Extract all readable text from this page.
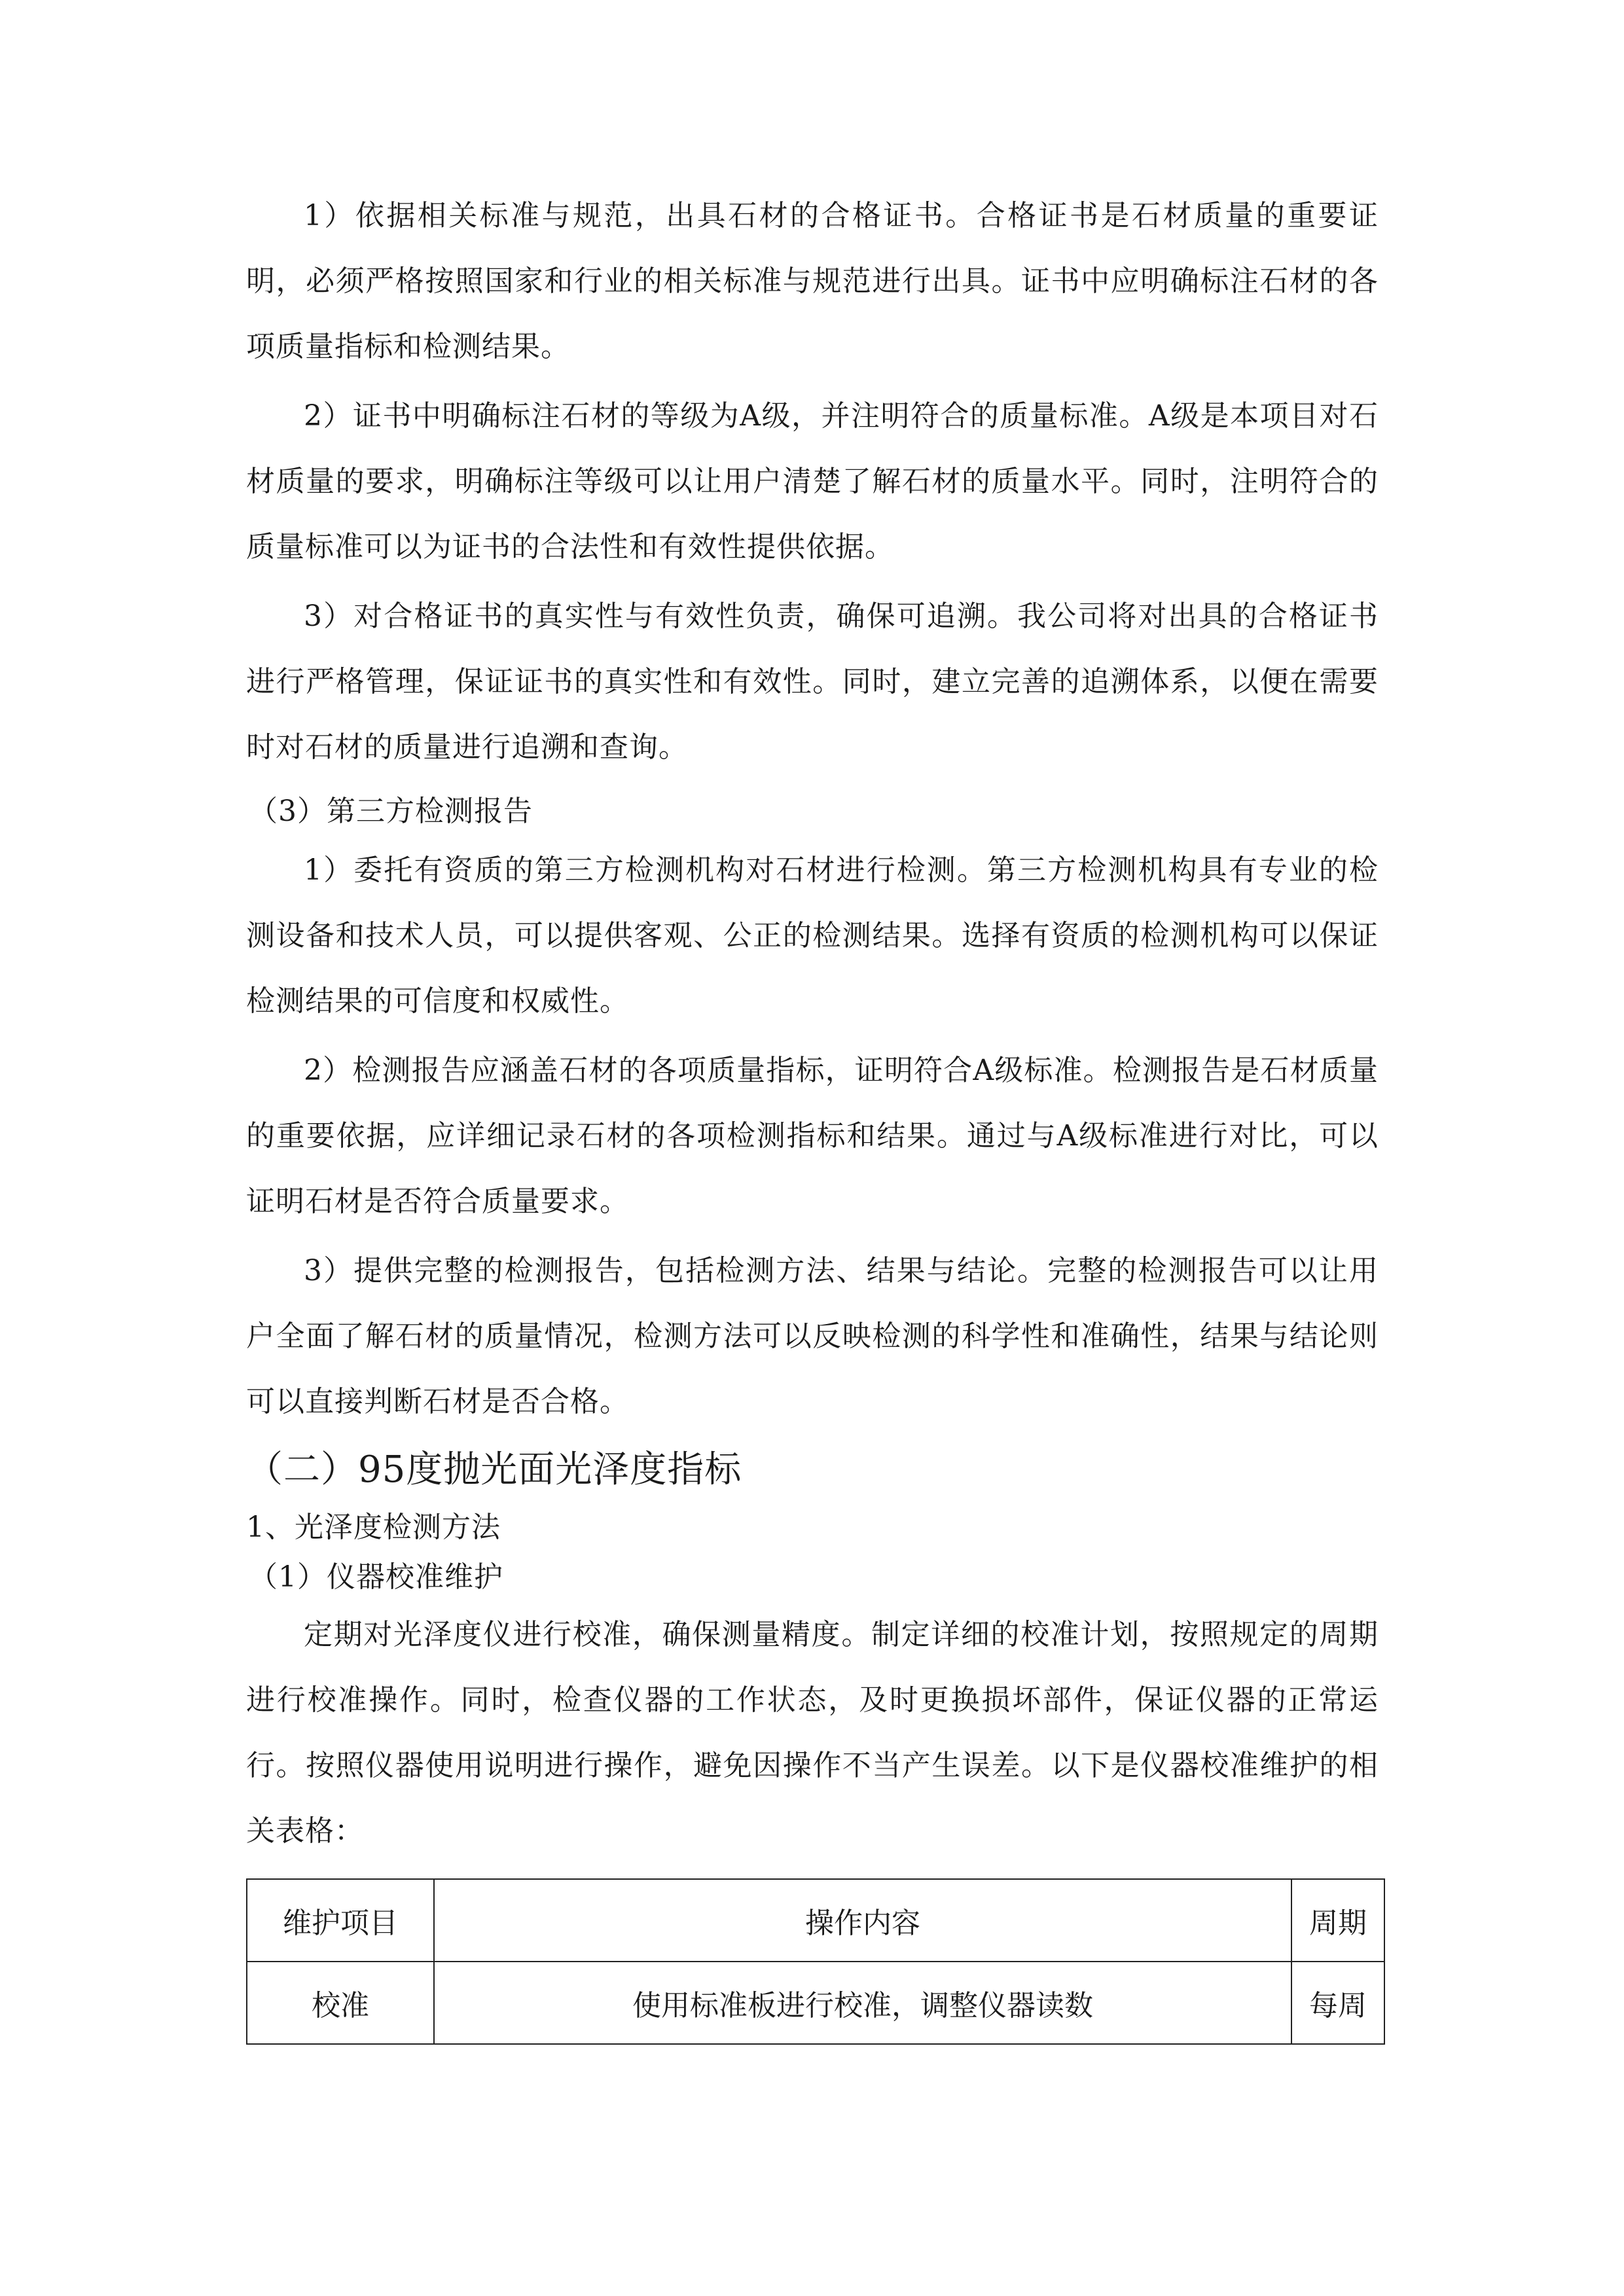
1）依据相关标准与规范，出具石材的合格证书。合格证书是石材质量的重要证明，必须严格按照国家和行业的相关标准与规范进行出具。证书中应明确标注石材的各项质量指标和检测结果。

2）证书中明确标注石材的等级为A级，并注明符合的质量标准。A级是本项目对石材质量的要求，明确标注等级可以让用户清楚了解石材的质量水平。同时，注明符合的质量标准可以为证书的合法性和有效性提供依据。

3）对合格证书的真实性与有效性负责，确保可追溯。我公司将对出具的合格证书进行严格管理，保证证书的真实性和有效性。同时，建立完善的追溯体系，以便在需要时对石材的质量进行追溯和查询。

（3）第三方检测报告

1）委托有资质的第三方检测机构对石材进行检测。第三方检测机构具有专业的检测设备和技术人员，可以提供客观、公正的检测结果。选择有资质的检测机构可以保证检测结果的可信度和权威性。

2）检测报告应涵盖石材的各项质量指标，证明符合A级标准。检测报告是石材质量的重要依据，应详细记录石材的各项检测指标和结果。通过与A级标准进行对比，可以证明石材是否符合质量要求。

3）提供完整的检测报告，包括检测方法、结果与结论。完整的检测报告可以让用户全面了解石材的质量情况，检测方法可以反映检测的科学性和准确性，结果与结论则可以直接判断石材是否合格。

（二）95度抛光面光泽度指标

1、光泽度检测方法

（1）仪器校准维护

定期对光泽度仪进行校准，确保测量精度。制定详细的校准计划，按照规定的周期进行校准操作。同时，检查仪器的工作状态，及时更换损坏部件，保证仪器的正常运行。按照仪器使用说明进行操作，避免因操作不当产生误差。以下是仪器校准维护的相关表格：

维护项目	操作内容	周期
校准	使用标准板进行校准，调整仪器读数	每周
